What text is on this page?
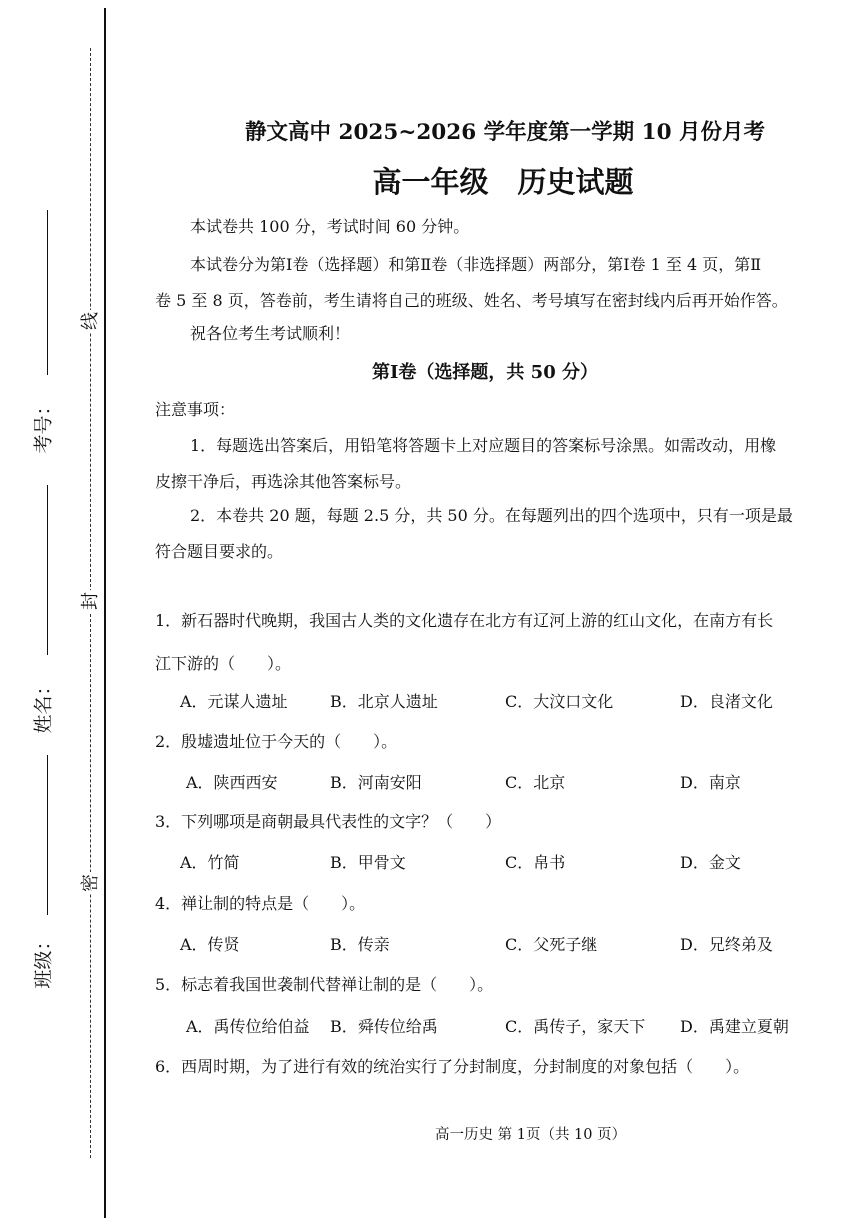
线
封
密
考号：
姓名：
班级：
静文高中 2025~2026 学年度第一学期 10 月份月考
高一年级　历史试题
本试卷共 100 分，考试时间 60 分钟。
本试卷分为第Ⅰ卷（选择题）和第Ⅱ卷（非选择题）两部分，第Ⅰ卷 1 至 4 页，第Ⅱ
卷 5 至 8 页，答卷前，考生请将自己的班级、姓名、考号填写在密封线内后再开始作答。
祝各位考生考试顺利！
第Ⅰ卷（选择题，共 50 分）
注意事项：
1．每题选出答案后，用铅笔将答题卡上对应题目的答案标号涂黑。如需改动，用橡
皮擦干净后，再选涂其他答案标号。
2．本卷共 20 题，每题 2.5 分，共 50 分。在每题列出的四个选项中，只有一项是最
符合题目要求的。
1．新石器时代晚期，我国古人类的文化遗存在北方有辽河上游的红山文化，在南方有长
江下游的（　　）。
A．元谋人遗址	B．北京人遗址	C．大汶口文化	D．良渚文化
2．殷墟遗址位于今天的（　　）。
A．陕西西安	B．河南安阳	C．北京	D．南京
3．下列哪项是商朝最具代表性的文字？（　　）
A．竹简	B．甲骨文	C．帛书	D．金文
4．禅让制的特点是（　　）。
A．传贤	B．传亲	C．父死子继	D．兄终弟及
5．标志着我国世袭制代替禅让制的是（　　）。
A．禹传位给伯益 B．舜传位给禹	C．禹传子，家天下 D．禹建立夏朝
6．西周时期，为了进行有效的统治实行了分封制度，分封制度的对象包括（　　）。
高一历史 第 1页（共 10 页）
